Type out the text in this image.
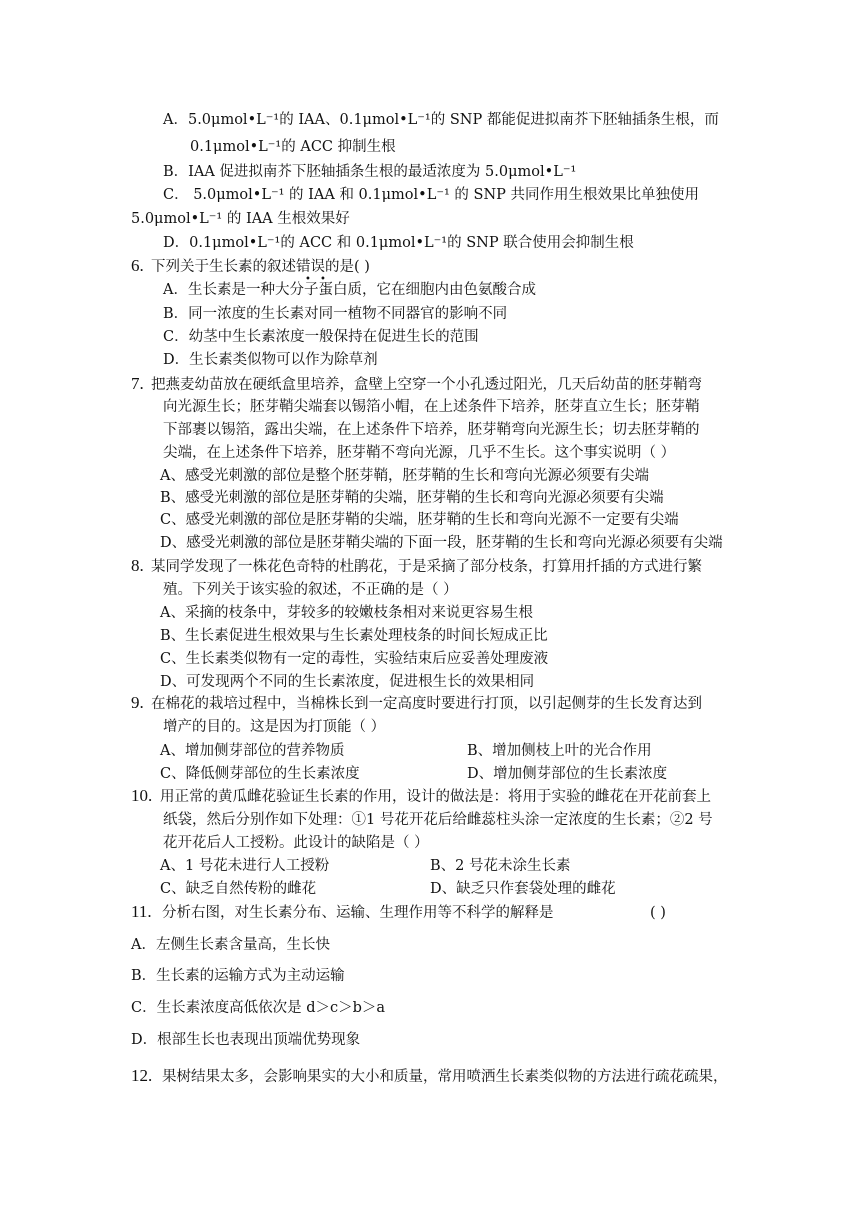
A．5.0μmol•L⁻¹的 IAA、0.1μmol•L⁻¹的 SNP 都能促进拟南芥下胚轴插条生根，而
0.1μmol•L⁻¹的 ACC 抑制生根
B．IAA 促进拟南芥下胚轴插条生根的最适浓度为 5.0μmol•L⁻¹
C． 5.0μmol•L⁻¹ 的 IAA 和 0.1μmol•L⁻¹ 的 SNP 共同作用生根效果比单独使用
5.0μmol•L⁻¹ 的 IAA 生根效果好
D．0.1μmol•L⁻¹的 ACC 和 0.1μmol•L⁻¹的 SNP 联合使用会抑制生根
6. 下列关于生长素的叙述错误的是( )
• •
A．生长素是一种大分子蛋白质，它在细胞内由色氨酸合成
B．同一浓度的生长素对同一植物不同器官的影响不同
C．幼茎中生长素浓度一般保持在促进生长的范围
D．生长素类似物可以作为除草剂
7. 把燕麦幼苗放在硬纸盒里培养，盒壁上空穿一个小孔透过阳光，几天后幼苗的胚芽鞘弯
向光源生长；胚芽鞘尖端套以锡箔小帽，在上述条件下培养，胚芽直立生长；胚芽鞘
下部裹以锡箔，露出尖端，在上述条件下培养，胚芽鞘弯向光源生长；切去胚芽鞘的
尖端，在上述条件下培养，胚芽鞘不弯向光源，几乎不生长。这个事实说明（ ）
A、感受光刺激的部位是整个胚芽鞘，胚芽鞘的生长和弯向光源必须要有尖端
B、感受光刺激的部位是胚芽鞘的尖端，胚芽鞘的生长和弯向光源必须要有尖端
C、感受光刺激的部位是胚芽鞘的尖端，胚芽鞘的生长和弯向光源不一定要有尖端
D、感受光刺激的部位是胚芽鞘尖端的下面一段，胚芽鞘的生长和弯向光源必须要有尖端
8. 某同学发现了一株花色奇特的杜鹃花，于是采摘了部分枝条，打算用扦插的方式进行繁
殖。下列关于该实验的叙述，不正确的是（ ）
A、采摘的枝条中，芽较多的较嫩枝条相对来说更容易生根
B、生长素促进生根效果与生长素处理枝条的时间长短成正比
C、生长素类似物有一定的毒性，实验结束后应妥善处理废液
D、可发现两个不同的生长素浓度，促进根生长的效果相同
9. 在棉花的栽培过程中，当棉株长到一定高度时要进行打顶，以引起侧芽的生长发育达到
增产的目的。这是因为打顶能（ ）
A、增加侧芽部位的营养物质	B、增加侧枝上叶的光合作用
C、降低侧芽部位的生长素浓度	D、增加侧芽部位的生长素浓度
10. 用正常的黄瓜雌花验证生长素的作用，设计的做法是：将用于实验的雌花在开花前套上
纸袋，然后分别作如下处理：①1 号花开花后给雌蕊柱头涂一定浓度的生长素；②2 号
花开花后人工授粉。此设计的缺陷是（ ）
A、1 号花未进行人工授粉	B、2 号花未涂生长素
C、缺乏自然传粉的雌花	D、缺乏只作套袋处理的雌花
11. 分析右图，对生长素分布、运输、生理作用等不科学的解释是	( )
A．左侧生长素含量高，生长快
B．生长素的运输方式为主动运输
C．生长素浓度高低依次是 d＞c＞b＞a
D．根部生长也表现出顶端优势现象
12. 果树结果太多，会影响果实的大小和质量，常用喷洒生长素类似物的方法进行疏花疏果，
